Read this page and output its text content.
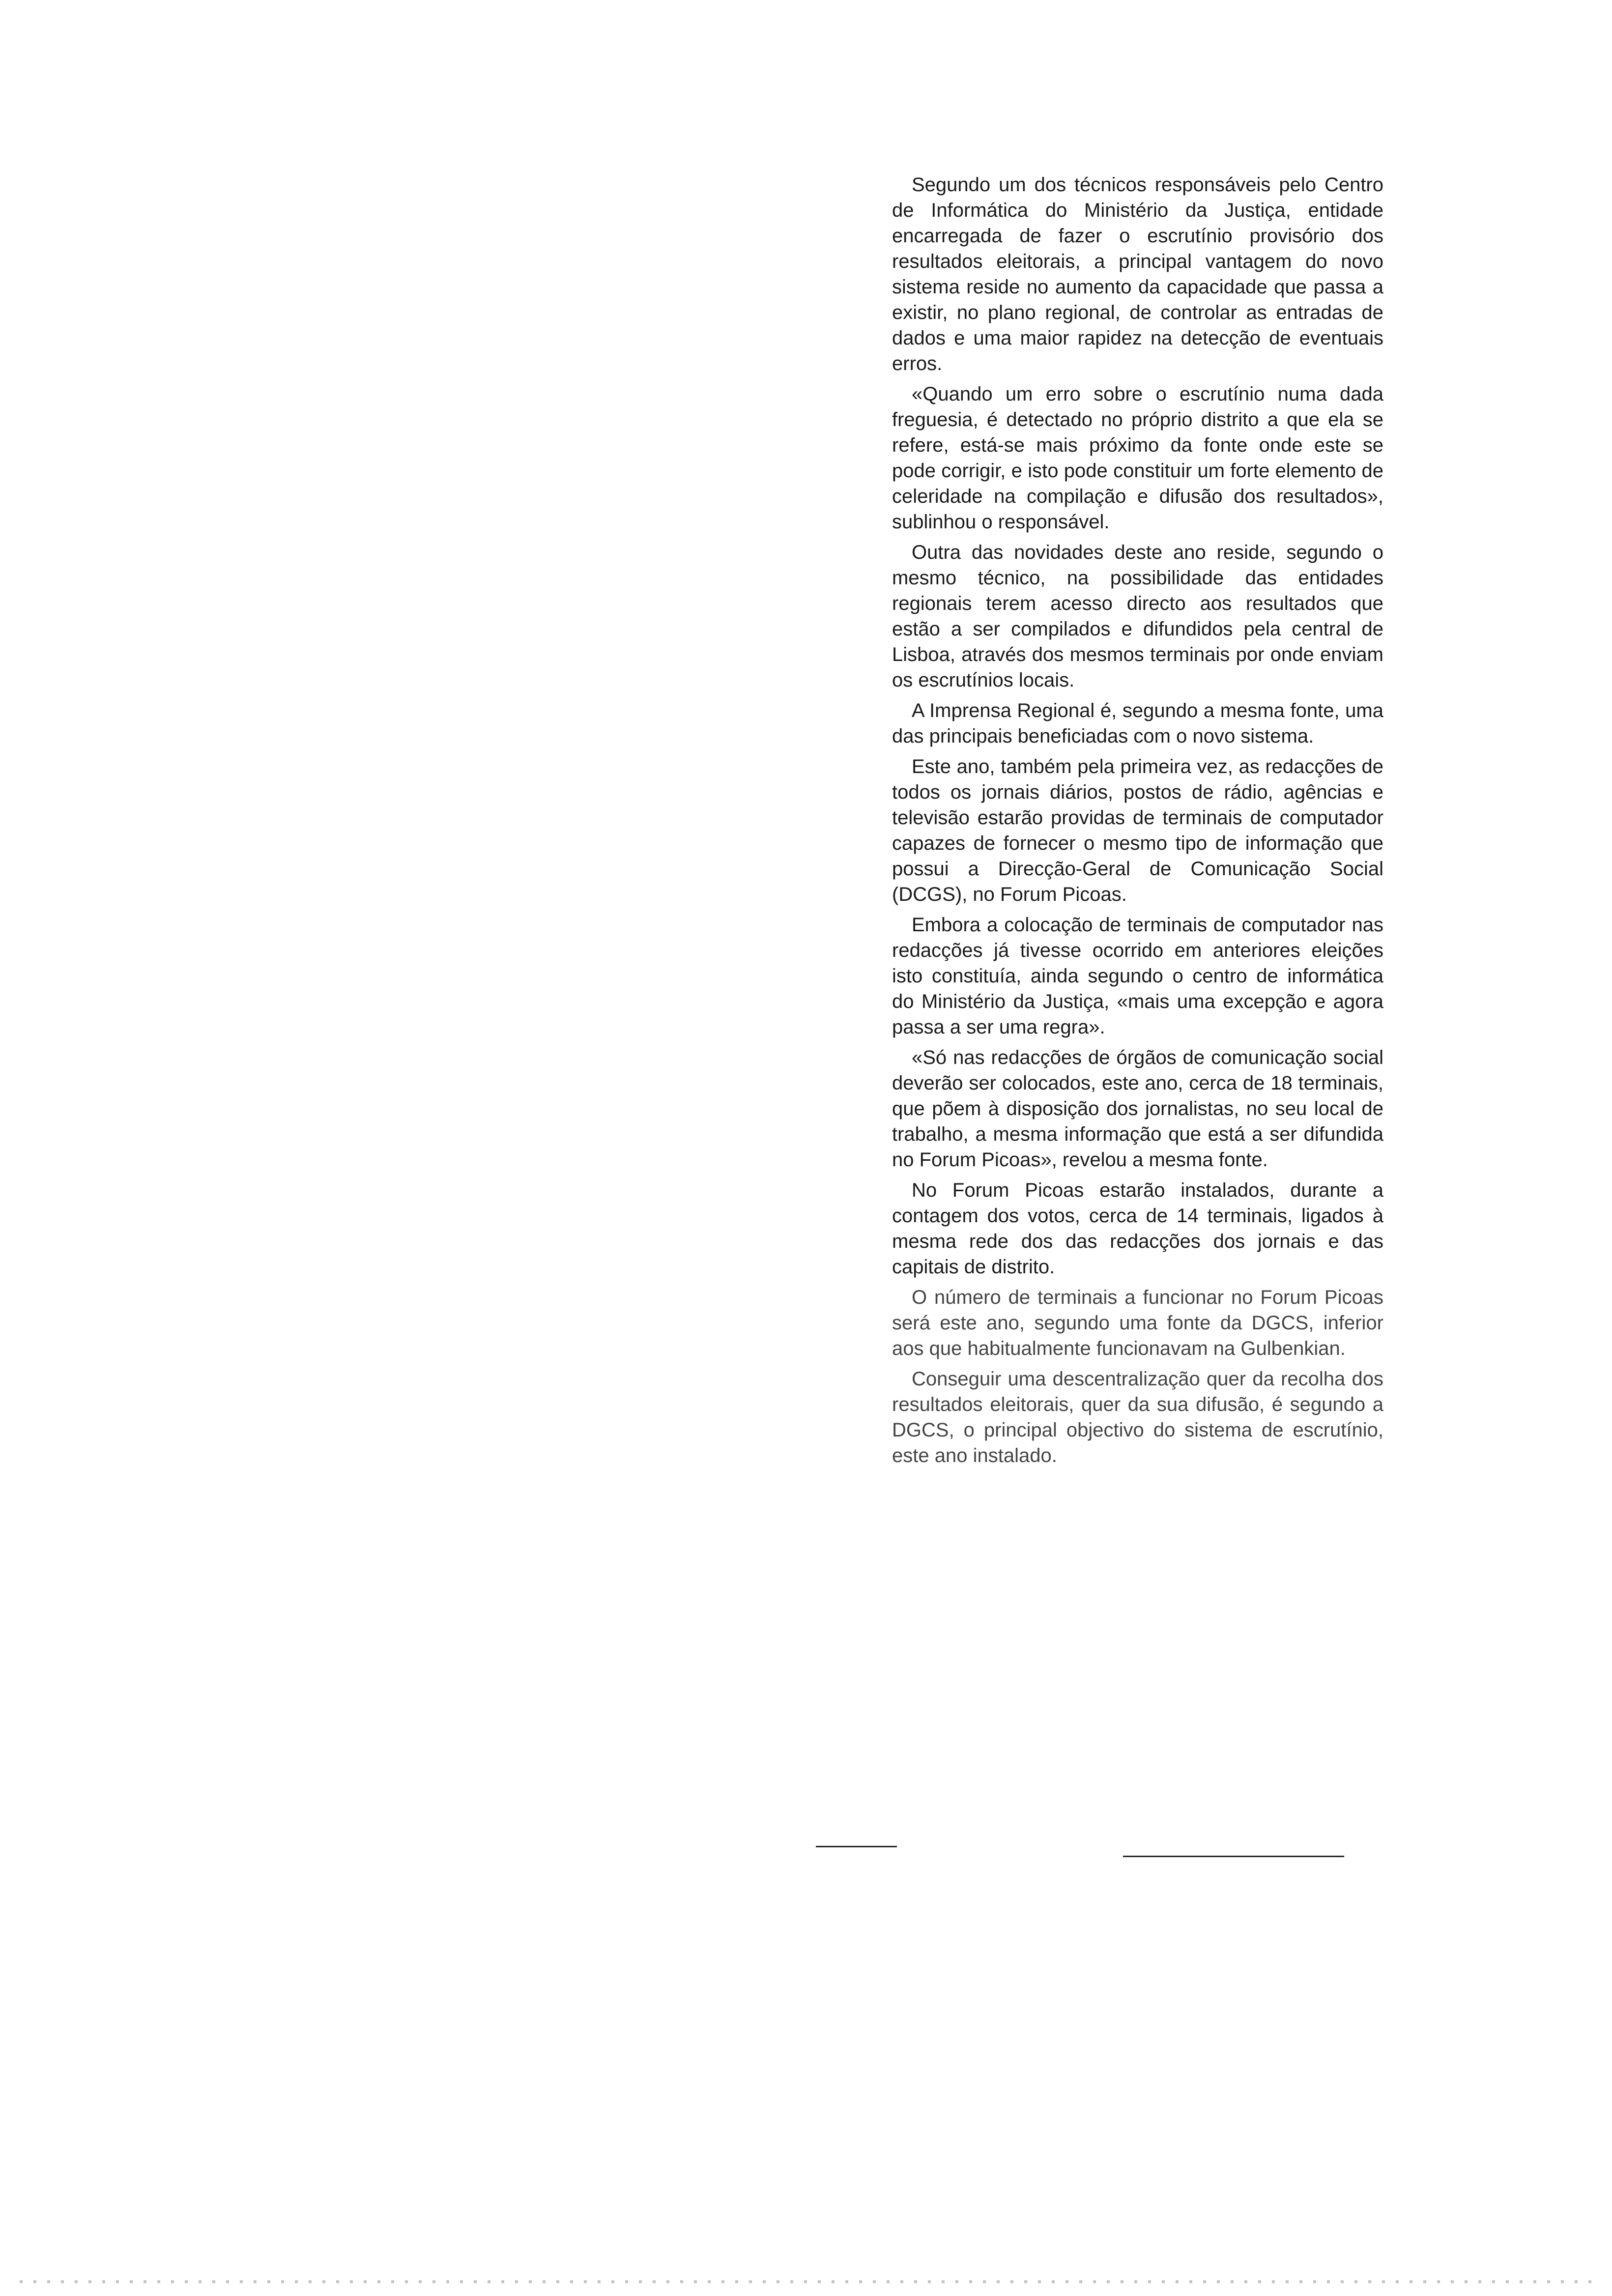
Segundo um dos técnicos responsáveis pelo Centro de Informática do Ministério da Justiça, entidade encarregada de fazer o escrutínio provisório dos resultados eleitorais, a principal vantagem do novo sistema reside no aumento da capacidade que passa a existir, no plano regional, de controlar as entradas de dados e uma maior rapidez na detecção de eventuais erros.

«Quando um erro sobre o escrutínio numa dada freguesia, é detectado no próprio distrito a que ela se refere, está-se mais próximo da fonte onde este se pode corrigir, e isto pode constituir um forte elemento de celeridade na compilação e difusão dos resultados», sublinhou o responsável.

Outra das novidades deste ano reside, segundo o mesmo técnico, na possibilidade das entidades regionais terem acesso directo aos resultados que estão a ser compilados e difundidos pela central de Lisboa, através dos mesmos terminais por onde enviam os escrutínios locais.

A Imprensa Regional é, segundo a mesma fonte, uma das principais beneficiadas com o novo sistema.

Este ano, também pela primeira vez, as redacções de todos os jornais diários, postos de rádio, agências e televisão estarão providas de terminais de computador capazes de fornecer o mesmo tipo de informação que possui a Direcção-Geral de Comunicação Social (DCGS), no Forum Picoas.

Embora a colocação de terminais de computador nas redacções já tivesse ocorrido em anteriores eleições isto constituía, ainda segundo o centro de informática do Ministério da Justiça, «mais uma excepção e agora passa a ser uma regra».

«Só nas redacções de órgãos de comunicação social deverão ser colocados, este ano, cerca de 18 terminais, que põem à disposição dos jornalistas, no seu local de trabalho, a mesma informação que está a ser difundida no Forum Picoas», revelou a mesma fonte.

No Forum Picoas estarão instalados, durante a contagem dos votos, cerca de 14 terminais, ligados à mesma rede dos das redacções dos jornais e das capitais de distrito.

O número de terminais a funcionar no Forum Picoas será este ano, segundo uma fonte da DGCS, inferior aos que habitualmente funcionavam na Gulbenkian.

Conseguir uma descentralização quer da recolha dos resultados eleitorais, quer da sua difusão, é segundo a DGCS, o principal objectivo do sistema de escrutínio, este ano instalado.
